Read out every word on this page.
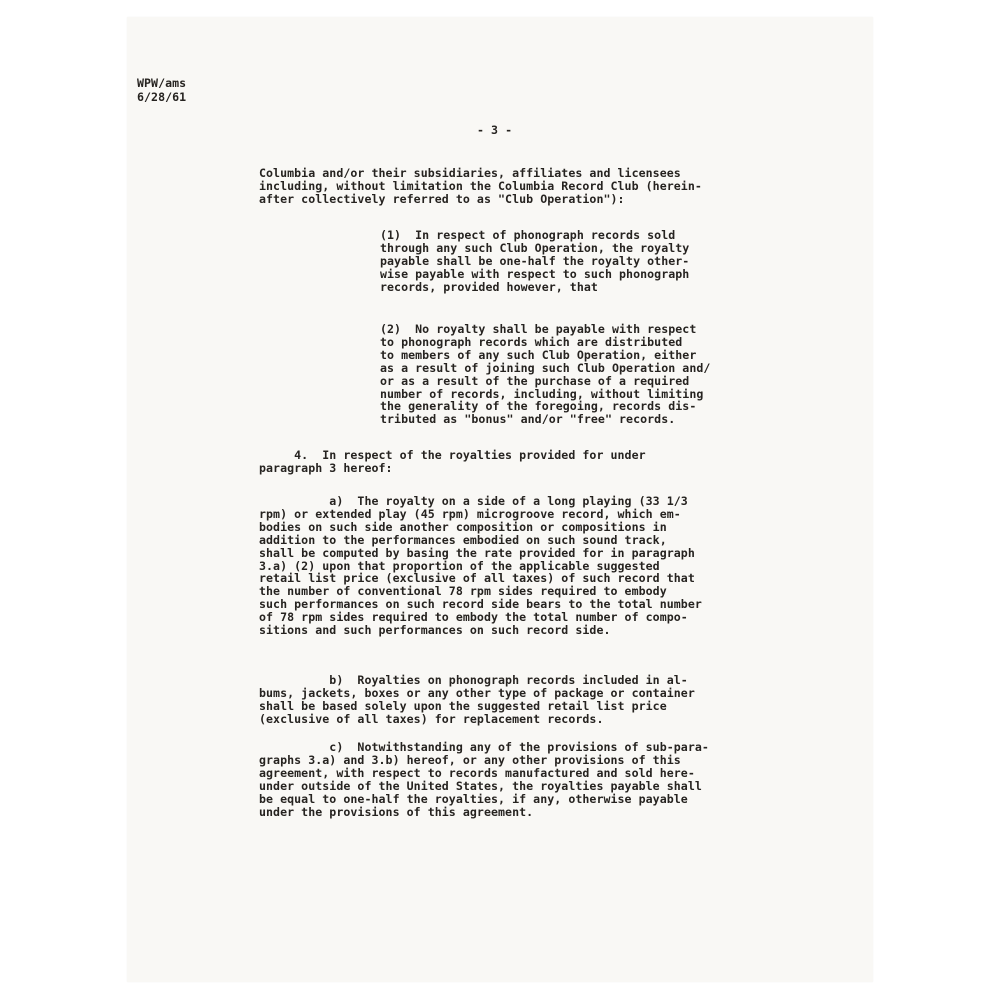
WPW/ams
6/28/61

- 3 -

Columbia and/or their subsidiaries, affiliates and licensees
including, without limitation the Columbia Record Club (herein-
after collectively referred to as "Club Operation"):

(1)  In respect of phonograph records sold
through any such Club Operation, the royalty
payable shall be one-half the royalty other-
wise payable with respect to such phonograph
records, provided however, that

(2)  No royalty shall be payable with respect
to phonograph records which are distributed
to members of any such Club Operation, either
as a result of joining such Club Operation and/
or as a result of the purchase of a required
number of records, including, without limiting
the generality of the foregoing, records dis-
tributed as "bonus" and/or "free" records.

4.  In respect of the royalties provided for under
paragraph 3 hereof:

a)  The royalty on a side of a long playing (33 1/3
rpm) or extended play (45 rpm) microgroove record, which em-
bodies on such side another composition or compositions in
addition to the performances embodied on such sound track,
shall be computed by basing the rate provided for in paragraph
3.a) (2) upon that proportion of the applicable suggested
retail list price (exclusive of all taxes) of such record that
the number of conventional 78 rpm sides required to embody
such performances on such record side bears to the total number
of 78 rpm sides required to embody the total number of compo-
sitions and such performances on such record side.

b)  Royalties on phonograph records included in al-
bums, jackets, boxes or any other type of package or container
shall be based solely upon the suggested retail list price
(exclusive of all taxes) for replacement records.

c)  Notwithstanding any of the provisions of sub-para-
graphs 3.a) and 3.b) hereof, or any other provisions of this
agreement, with respect to records manufactured and sold here-
under outside of the United States, the royalties payable shall
be equal to one-half the royalties, if any, otherwise payable
under the provisions of this agreement.
